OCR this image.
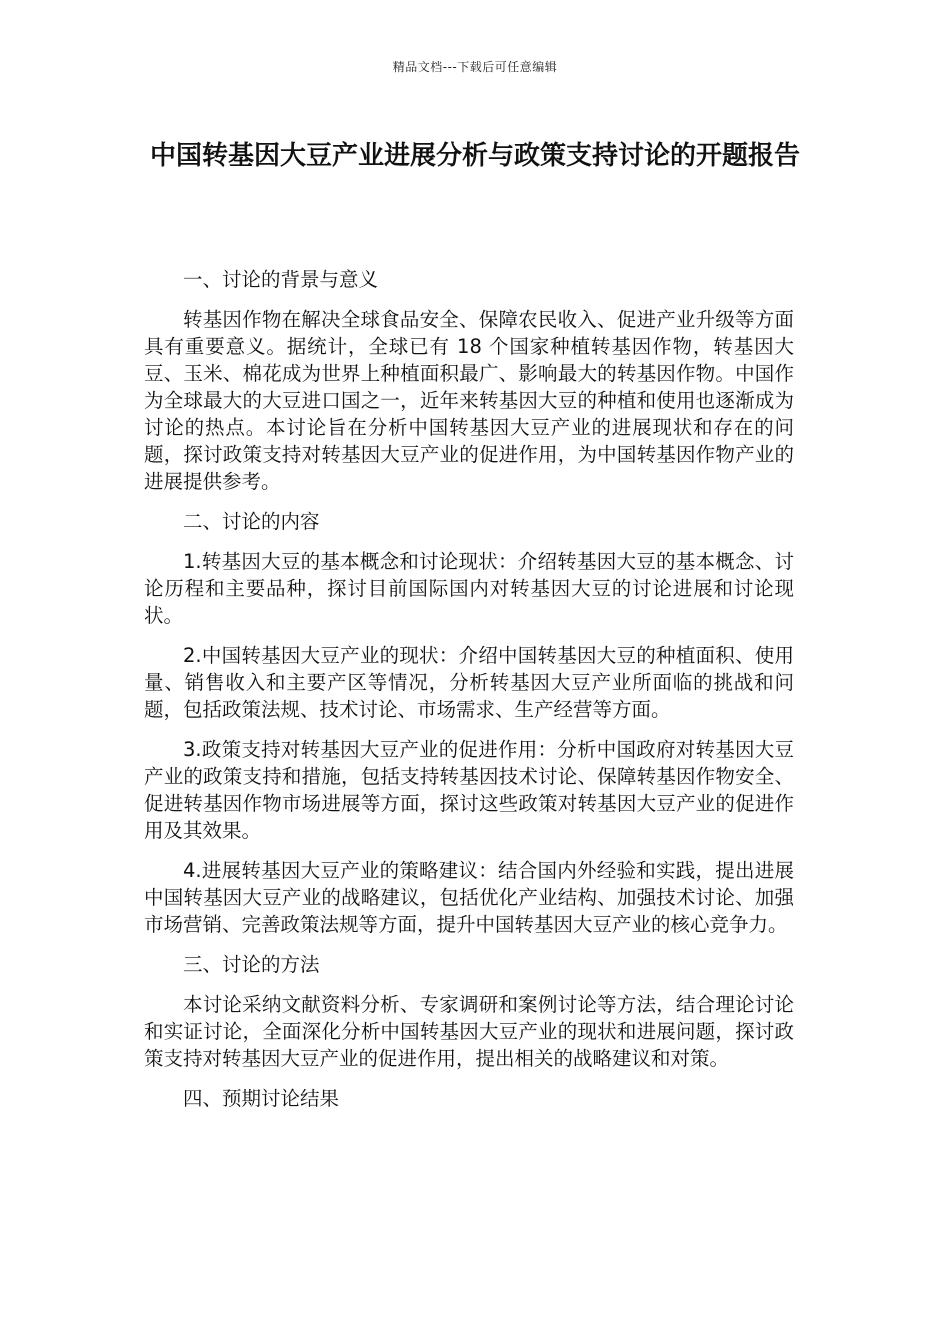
精品文档---下载后可任意编辑
中国转基因大豆产业进展分析与政策支持讨论的开题报告

一、讨论的背景与意义

转基因作物在解决全球食品安全、保障农民收入、促进产业升级等方面具有重要意义。据统计，全球已有 18 个国家种植转基因作物，转基因大豆、玉米、棉花成为世界上种植面积最广、影响最大的转基因作物。中国作为全球最大的大豆进口国之一，近年来转基因大豆的种植和使用也逐渐成为讨论的热点。本讨论旨在分析中国转基因大豆产业的进展现状和存在的问题，探讨政策支持对转基因大豆产业的促进作用，为中国转基因作物产业的进展提供参考。

二、讨论的内容

1.转基因大豆的基本概念和讨论现状：介绍转基因大豆的基本概念、讨论历程和主要品种，探讨目前国际国内对转基因大豆的讨论进展和讨论现状。

2.中国转基因大豆产业的现状：介绍中国转基因大豆的种植面积、使用量、销售收入和主要产区等情况，分析转基因大豆产业所面临的挑战和问题，包括政策法规、技术讨论、市场需求、生产经营等方面。

3.政策支持对转基因大豆产业的促进作用：分析中国政府对转基因大豆产业的政策支持和措施，包括支持转基因技术讨论、保障转基因作物安全、促进转基因作物市场进展等方面，探讨这些政策对转基因大豆产业的促进作用及其效果。

4.进展转基因大豆产业的策略建议：结合国内外经验和实践，提出进展中国转基因大豆产业的战略建议，包括优化产业结构、加强技术讨论、加强市场营销、完善政策法规等方面，提升中国转基因大豆产业的核心竞争力。

三、讨论的方法

本讨论采纳文献资料分析、专家调研和案例讨论等方法，结合理论讨论和实证讨论，全面深化分析中国转基因大豆产业的现状和进展问题，探讨政策支持对转基因大豆产业的促进作用，提出相关的战略建议和对策。

四、预期讨论结果
